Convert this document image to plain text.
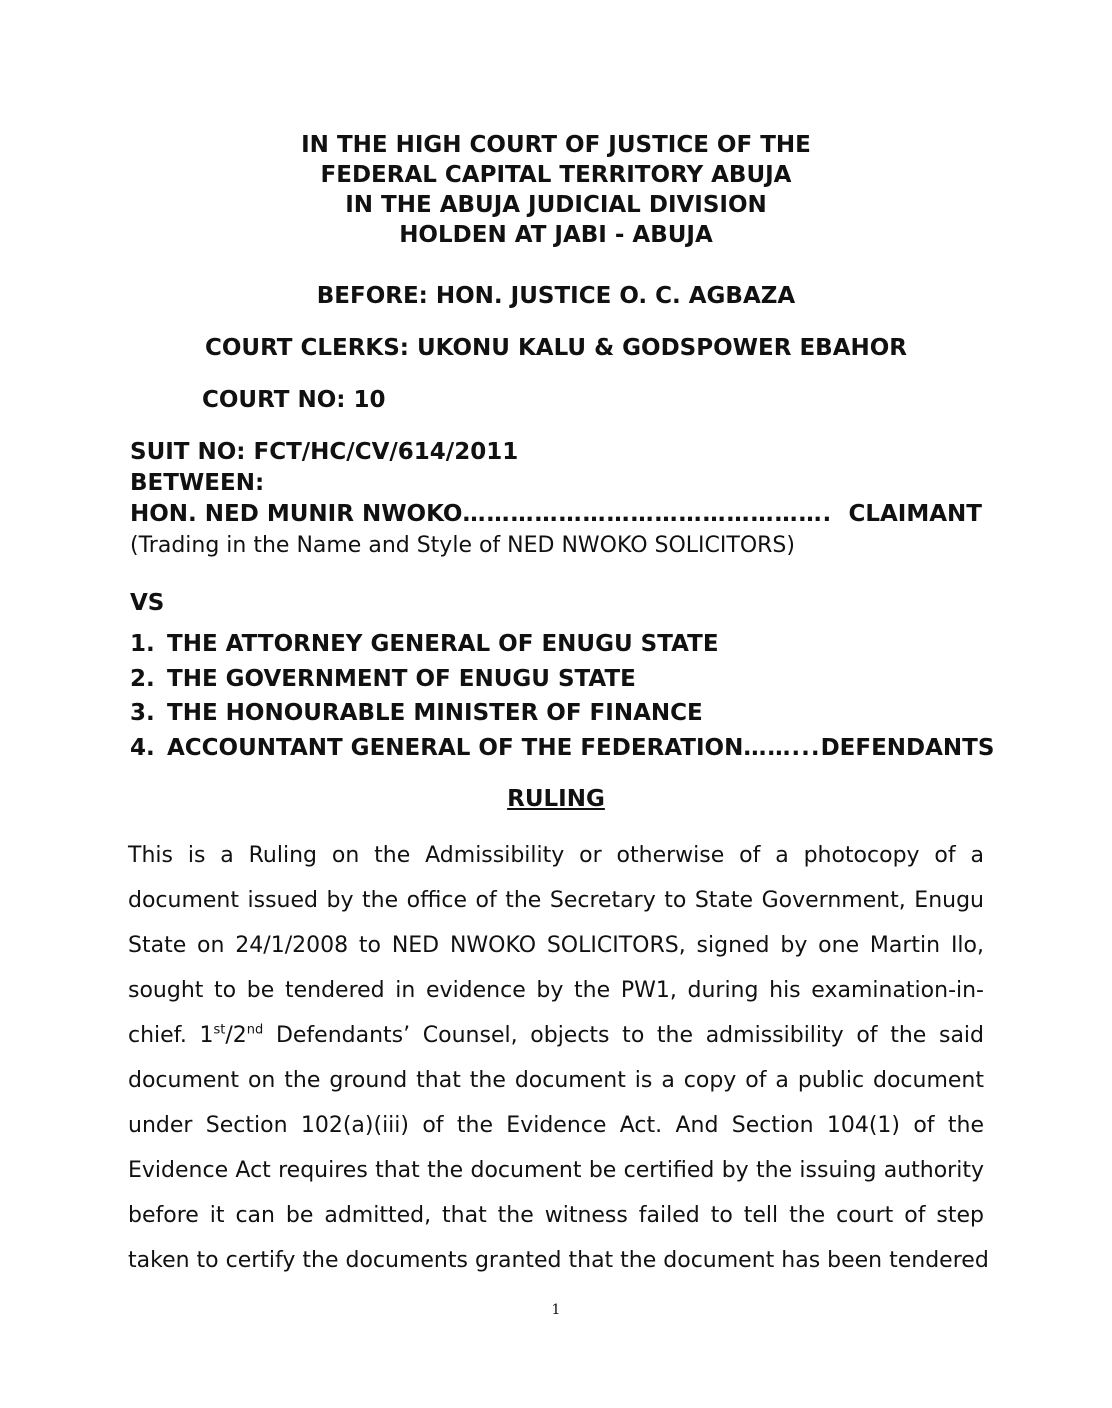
IN THE HIGH COURT OF JUSTICE OF THE
FEDERAL CAPITAL TERRITORY ABUJA
IN THE ABUJA JUDICIAL DIVISION
HOLDEN AT JABI - ABUJA
BEFORE: HON. JUSTICE O. C. AGBAZA
COURT CLERKS: UKONU KALU & GODSPOWER EBAHOR
COURT NO: 10
SUIT NO: FCT/HC/CV/614/2011
BETWEEN:
HON. NED MUNIR NWOKO ………………………………………. CLAIMANT
(Trading in the Name and Style of NED NWOKO SOLICITORS)
VS
1. THE ATTORNEY GENERAL OF ENUGU STATE
2. THE GOVERNMENT OF ENUGU STATE
3. THE HONOURABLE MINISTER OF FINANCE
4. ACCOUNTANT GENERAL OF THE FEDERATION ……... DEFENDANTS
RULING
This is a Ruling on the Admissibility or otherwise of a photocopy of a
document issued by the office of the Secretary to State Government, Enugu
State on 24/1/2008 to NED NWOKO SOLICITORS, signed by one Martin Ilo,
sought to be tendered in evidence by the PW1, during his examination-in-
chief. 1st/2nd Defendants’ Counsel, objects to the admissibility of the said
document on the ground that the document is a copy of a public document
under Section 102(a)(iii) of the Evidence Act. And Section 104(1) of the
Evidence Act requires that the document be certified by the issuing authority
before it can be admitted, that the witness failed to tell the court of step
taken to certify the documents granted that the document has been tendered
1
